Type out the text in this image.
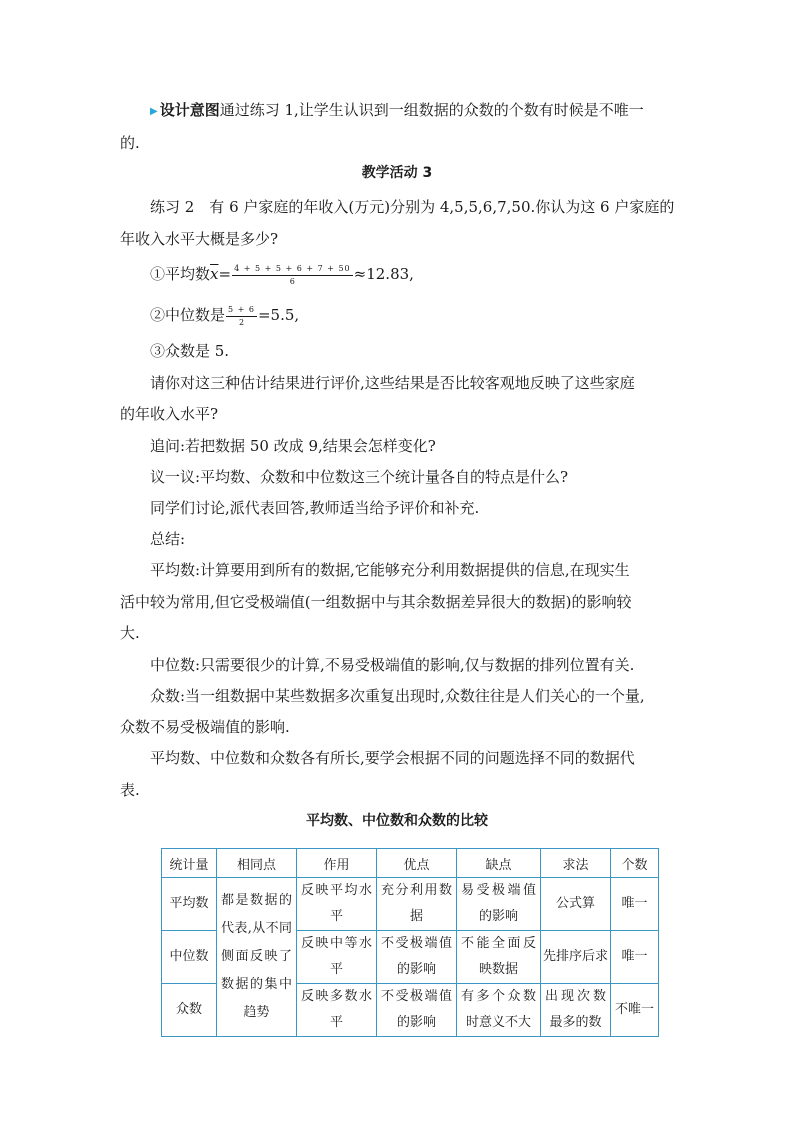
▶ 设计意图通过练习 1,让学生认识到一组数据的众数的个数有时候是不唯一
的.
教学活动 3
练习 2　有 6 户家庭的年收入(万元)分别为 4,5,5,6,7,50.你认为这 6 户家庭的
年收入水平大概是多少?
①平均数$\overline{x}= \frac{4 + 5 + 5 + 6 + 7 + 50}{6} \approx 12.83$,
②中位数是 $\frac{5 + 6}{2} =5.5$,
③众数是 5.
请你对这三种估计结果进行评价,这些结果是否比较客观地反映了这些家庭
的年收入水平?
追问:若把数据 50 改成 9,结果会怎样变化?
议一议:平均数、众数和中位数这三个统计量各自的特点是什么?
同学们讨论,派代表回答,教师适当给予评价和补充.
总结:
平均数:计算要用到所有的数据,它能够充分利用数据提供的信息,在现实生
活中较为常用,但它受极端值(一组数据中与其余数据差异很大的数据)的影响较
大.
中位数:只需要很少的计算,不易受极端值的影响,仅与数据的排列位置有关.
众数:当一组数据中某些数据多次重复出现时,众数往往是人们关心的一个量,
众数不易受极端值的影响.
平均数、中位数和众数各有所长,要学会根据不同的问题选择不同的数据代
表.
平均数、中位数和众数的比较
统计量	相同点	作用	优点	缺点	求法	个数
平均数	都是数据的代表,从不同侧面反映了数据的集中趋势	反映平均水平	充分利用数据	易受极端值的影响	公式算	唯一
中位数		反映中等水平	不受极端值的影响	不能全面反映数据	先排序后求	唯一
众数		反映多数水平	不受极端值的影响	有多个众数时意义不大	出现次数最多的数	不唯一
